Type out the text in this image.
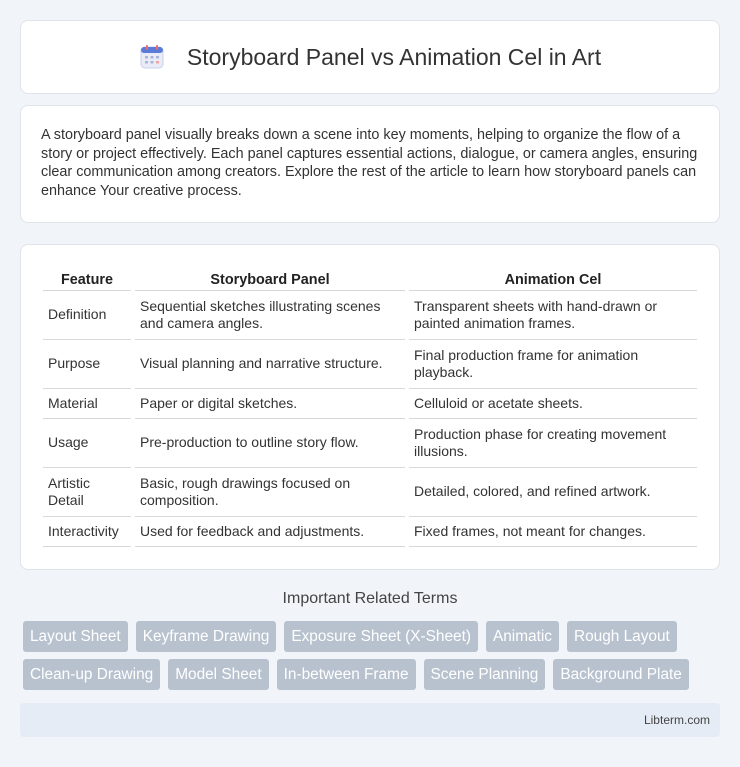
Storyboard Panel vs Animation Cel in Art

A storyboard panel visually breaks down a scene into key moments, helping to organize the flow of a story or project effectively. Each panel captures essential actions, dialogue, or camera angles, ensuring clear communication among creators. Explore the rest of the article to learn how storyboard panels can enhance Your creative process.

Feature	Storyboard Panel	Animation Cel
Definition	Sequential sketches illustrating scenes and camera angles.	Transparent sheets with hand-drawn or painted animation frames.
Purpose	Visual planning and narrative structure.	Final production frame for animation playback.
Material	Paper or digital sketches.	Celluloid or acetate sheets.
Usage	Pre-production to outline story flow.	Production phase for creating movement illusions.
Artistic Detail	Basic, rough drawings focused on composition.	Detailed, colored, and refined artwork.
Interactivity	Used for feedback and adjustments.	Fixed frames, not meant for changes.
Important Related Terms
Layout Sheet	Keyframe Drawing	Exposure Sheet (X-Sheet)	Animatic	Rough Layout
Clean-up Drawing	Model Sheet	In-between Frame	Scene Planning	Background Plate
Libterm.com
